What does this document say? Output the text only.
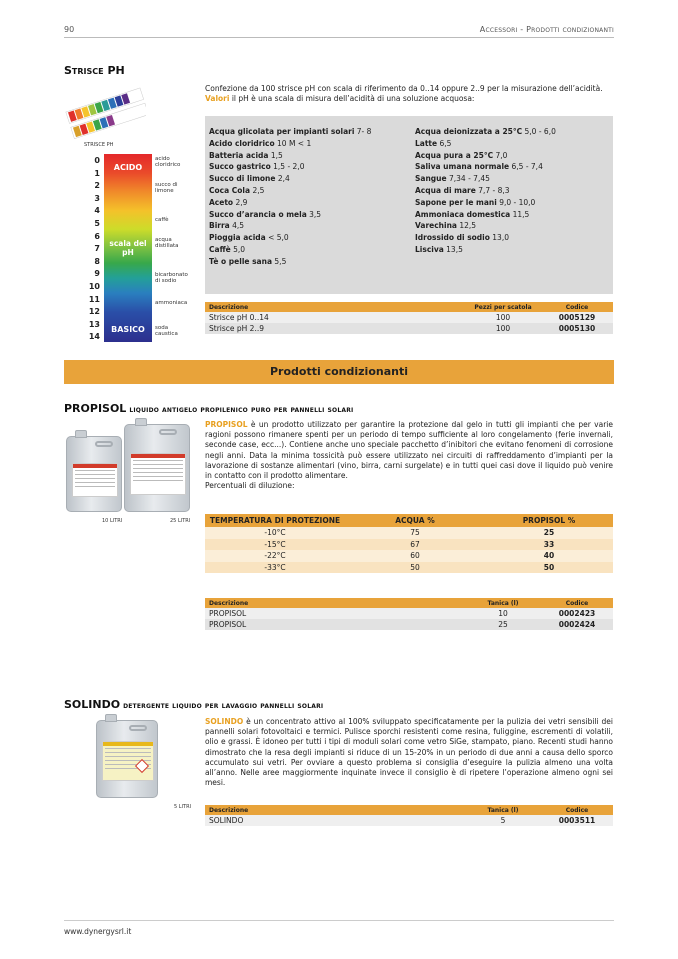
90	Accessori - Prodotti condizionanti
Strisce PH
STRISCE PH
0
1
2
3
4
5
6
7
8
9
10
11
12
13
14
ACIDO
scala del pH
BASICO
acido cloridrico
succo di limone
caffè
acqua distillata
bicarbonato di sodio
ammoniaca
soda caustica
Confezione da 100 strisce pH con scala di riferimento da 0..14 oppure 2..9 per la misurazione dell’acidità.
Valori il pH è una scala di misura dell’acidità di una soluzione acquosa:
Acqua glicolata per impianti solari 7- 8
Acido cloridrico 10 M < 1
Batteria acida 1,5
Succo gastrico 1,5 - 2,0
Succo di limone 2,4
Coca Cola 2,5
Aceto 2,9
Succo d’arancia o mela 3,5
Birra 4,5
Pioggia acida < 5,0
Caffè 5,0
Tè o pelle sana 5,5
Acqua deionizzata a 25°C 5,0 - 6,0
Latte 6,5
Acqua pura a 25°C 7,0
Saliva umana normale 6,5 - 7,4
Sangue 7,34 - 7,45
Acqua di mare 7,7 - 8,3
Sapone per le mani 9,0 - 10,0
Ammoniaca domestica 11,5
Varechina 12,5
Idrossido di sodio 13,0
Lisciva 13,5
Descrizione	Pezzi per scatola	Codice
Strisce pH 0..14	100	0005129
Strisce pH 2..9	100	0005130
Prodotti condizionanti
PROPISOL liquido antigelo propilenico puro per pannelli solari
10 LITRI	25 LITRI
PROPISOL è un prodotto utilizzato per garantire la protezione dal gelo in tutti gli impianti che per varie ragioni possono rimanere spenti per un periodo di tempo sufficiente al loro congelamento (ferie invernali, seconde case, ecc...). Contiene anche uno speciale pacchetto d’inibitori che evitano fenomeni di corrosione negli anni. Data la minima tossicità può essere utilizzato nei circuiti di raffreddamento d’impianti per la lavorazione di sostanze alimentari (vino, birra, carni surgelate) e in tutti quei casi dove il liquido può venire in contatto con il prodotto alimentare.
Percentuali di diluzione:
TEMPERATURA DI PROTEZIONE	ACQUA %	PROPISOL %
-10°C	75	25
-15°C	67	33
-22°C	60	40
-33°C	50	50
Descrizione	Tanica (l)	Codice
PROPISOL	10	0002423
PROPISOL	25	0002424
SOLINDO detergente liquido per lavaggio pannelli solari
5 LITRI
SOLINDO è un concentrato attivo al 100% sviluppato specificatamente per la pulizia dei vetri sensibili dei pannelli solari fotovoltaici e termici. Pulisce sporchi resistenti come resina, fuliggine, escrementi di volatili, olio e grassi. È idoneo per tutti i tipi di moduli solari come vetro SiGe, stampato, piano. Recenti studi hanno dimostrato che la resa degli impianti si riduce di un 15-20% in un periodo di due anni a causa dello sporco accumulato sui vetri. Per ovviare a questo problema si consiglia d’eseguire la pulizia almeno una volta all’anno. Nelle aree maggiormente inquinate invece il consiglio è di ripetere l’operazione almeno ogni sei mesi.
Descrizione	Tanica (l)	Codice
SOLINDO	5	0003511
www.dynergysrl.it
